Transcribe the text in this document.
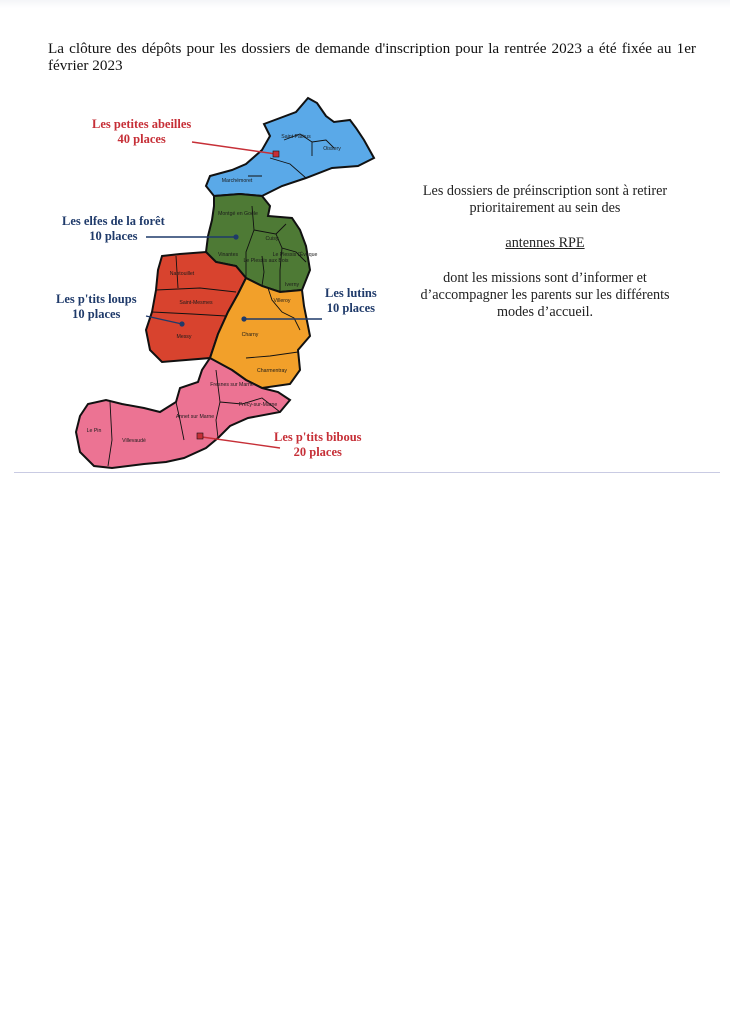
La clôture des dépôts pour les dossiers de demande d'inscription pour la rentrée 2023 a été fixée au 1er février 2023

Saint Pathus
Oissery
Marchémoret
Montgé en Goële
Cuisy
Le Plessis aux Bois
Le Plessis l'Évêque
Vinantes
Iverny
Nantouillet
Saint-Mesmes
Messy
Villeroy
Charny
Charmentray
Fresnes sur Marne
Précy-sur-Marne
Annet sur Marne
Le Pin
Villevaudé
Les petites abeilles
40 places
Les elfes de la forêt
10 places
Les p'tits loups
10 places
Les lutins
10 places
Les p'tits bibous
20 places

Les dossiers de préinscription sont à retirer

prioritairement au sein des

antennes RPE

dont les missions sont d’informer et

d’accompagner les parents sur les différents

modes d’accueil.
